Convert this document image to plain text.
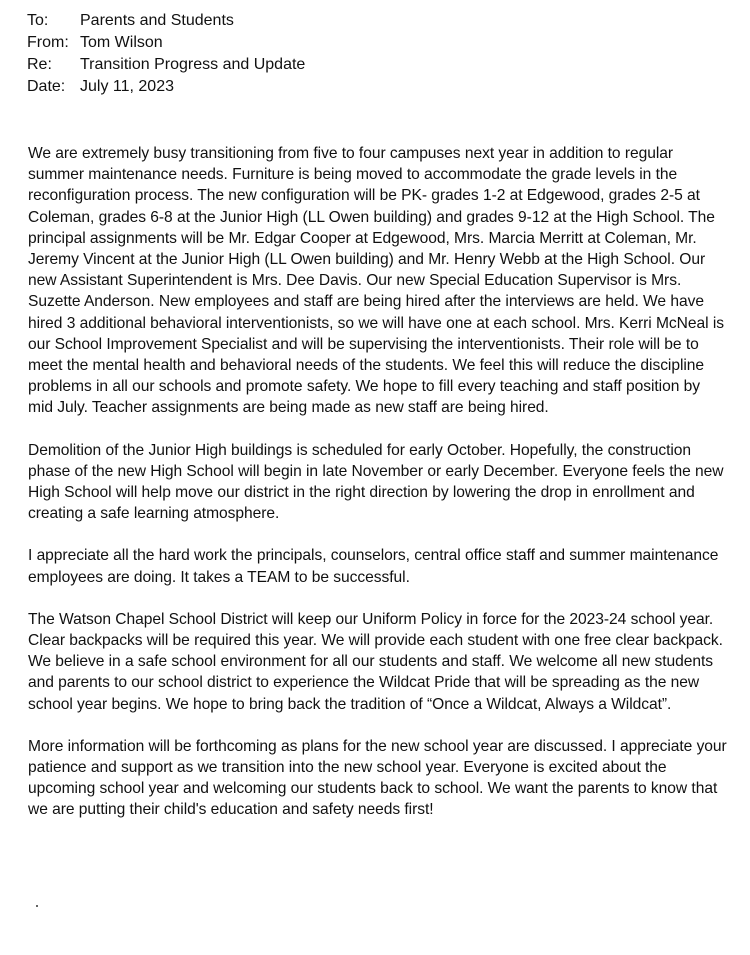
To:	Parents and Students
From: Tom Wilson
Re:	Transition Progress and Update
Date: July 11, 2023

We are extremely busy transitioning from five to four campuses next year in addition to regular summer maintenance needs. Furniture is being moved to accommodate the grade levels in the reconfiguration process. The new configuration will be PK- grades 1-2 at Edgewood, grades 2-5 at Coleman, grades 6-8 at the Junior High (LL Owen building) and grades 9-12 at the High School. The principal assignments will be Mr. Edgar Cooper at Edgewood, Mrs. Marcia Merritt at Coleman, Mr. Jeremy Vincent at the Junior High (LL Owen building) and Mr. Henry Webb at the High School. Our new Assistant Superintendent is Mrs. Dee Davis. Our new Special Education Supervisor is Mrs. Suzette Anderson. New employees and staff are being hired after the interviews are held. We have hired 3 additional behavioral interventionists, so we will have one at each school. Mrs. Kerri McNeal is our School Improvement Specialist and will be supervising the interventionists. Their role will be to meet the mental health and behavioral needs of the students. We feel this will reduce the discipline problems in all our schools and promote safety. We hope to fill every teaching and staff position by mid July. Teacher assignments are being made as new staff are being hired.

Demolition of the Junior High buildings is scheduled for early October. Hopefully, the construction phase of the new High School will begin in late November or early December. Everyone feels the new High School will help move our district in the right direction by lowering the drop in enrollment and creating a safe learning atmosphere.

I appreciate all the hard work the principals, counselors, central office staff and summer maintenance employees are doing. It takes a TEAM to be successful.

The Watson Chapel School District will keep our Uniform Policy in force for the 2023-24 school year. Clear backpacks will be required this year. We will provide each student with one free clear backpack. We believe in a safe school environment for all our students and staff. We welcome all new students and parents to our school district to experience the Wildcat Pride that will be spreading as the new school year begins. We hope to bring back the tradition of “Once a Wildcat, Always a Wildcat”.

More information will be forthcoming as plans for the new school year are discussed. I appreciate your patience and support as we transition into the new school year. Everyone is excited about the upcoming school year and welcoming our students back to school. We want the parents to know that we are putting their child's education and safety needs first!
